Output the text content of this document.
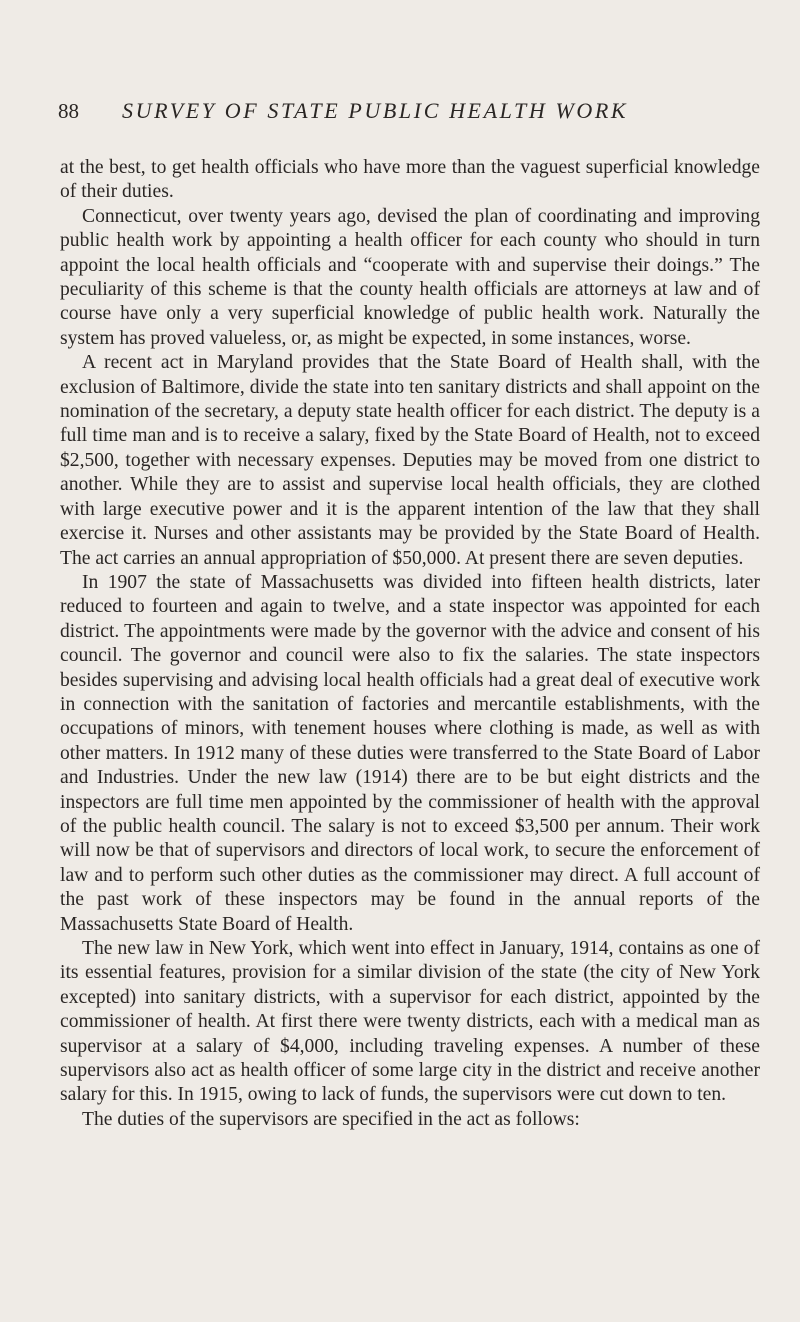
88	SURVEY OF STATE PUBLIC HEALTH WORK

at the best, to get health officials who have more than the vaguest superficial knowledge of their duties.

Connecticut, over twenty years ago, devised the plan of coordinating and improving public health work by appointing a health officer for each county who should in turn appoint the local health officials and “cooperate with and supervise their doings.” The peculiarity of this scheme is that the county health officials are attorneys at law and of course have only a very superficial knowledge of public health work. Naturally the system has proved valueless, or, as might be expected, in some instances, worse.

A recent act in Maryland provides that the State Board of Health shall, with the exclusion of Baltimore, divide the state into ten sanitary districts and shall appoint on the nomination of the secretary, a deputy state health officer for each district. The deputy is a full time man and is to receive a salary, fixed by the State Board of Health, not to exceed $2,500, together with necessary expenses. Deputies may be moved from one district to another. While they are to assist and supervise local health officials, they are clothed with large executive power and it is the apparent intention of the law that they shall exercise it. Nurses and other assistants may be provided by the State Board of Health. The act carries an annual appropriation of $50,000. At present there are seven deputies.

In 1907 the state of Massachusetts was divided into fifteen health districts, later reduced to fourteen and again to twelve, and a state inspector was appointed for each district. The appointments were made by the governor with the advice and consent of his council. The governor and council were also to fix the salaries. The state inspectors besides supervising and advising local health officials had a great deal of executive work in connection with the sanitation of factories and mercantile establishments, with the occupations of minors, with tenement houses where clothing is made, as well as with other matters. In 1912 many of these duties were transferred to the State Board of Labor and Industries. Under the new law (1914) there are to be but eight districts and the inspectors are full time men appointed by the commissioner of health with the approval of the public health council. The salary is not to exceed $3,500 per annum. Their work will now be that of supervisors and directors of local work, to secure the enforcement of law and to perform such other duties as the commissioner may direct. A full account of the past work of these inspectors may be found in the annual reports of the Massachusetts State Board of Health.

The new law in New York, which went into effect in January, 1914, contains as one of its essential features, provision for a similar division of the state (the city of New York excepted) into sanitary districts, with a supervisor for each district, appointed by the commissioner of health. At first there were twenty districts, each with a medical man as supervisor at a salary of $4,000, including traveling expenses. A number of these supervisors also act as health officer of some large city in the district and receive another salary for this. In 1915, owing to lack of funds, the supervisors were cut down to ten.

The duties of the supervisors are specified in the act as follows:
